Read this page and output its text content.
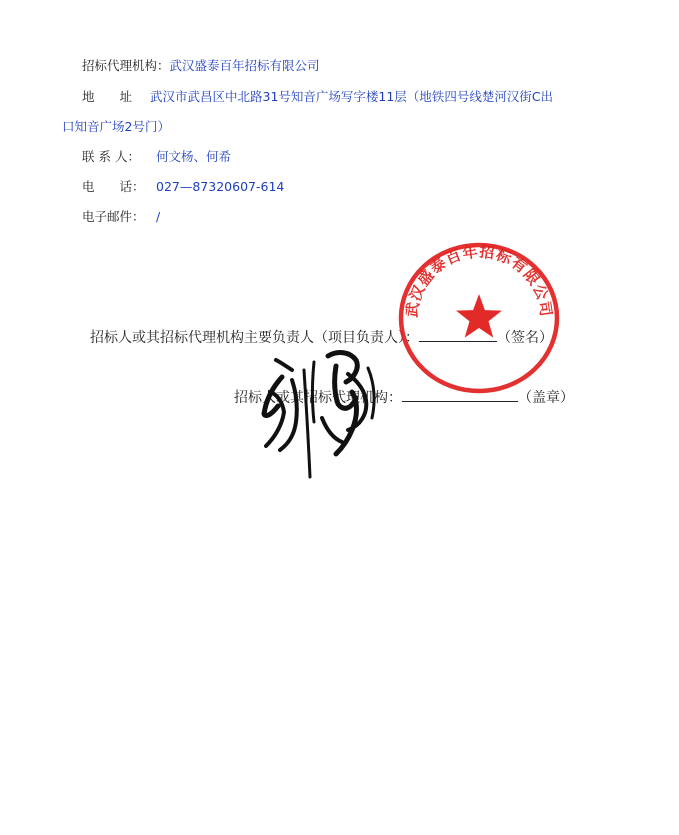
招标代理机构：武汉盛泰百年招标有限公司
地　　址 武汉市武昌区中北路31号知音广场写字楼11层（地铁四号线楚河汉街C出
口知音广场2号门）
联 系 人： 何文杨、何希
电　　话： 027—87320607-614
电子邮件： /
招标人或其招标代理机构主要负责人（项目负责人）：	（签名）
招标人或其招标代理机构：	（盖章）
武汉盛泰百年招标有限公司
